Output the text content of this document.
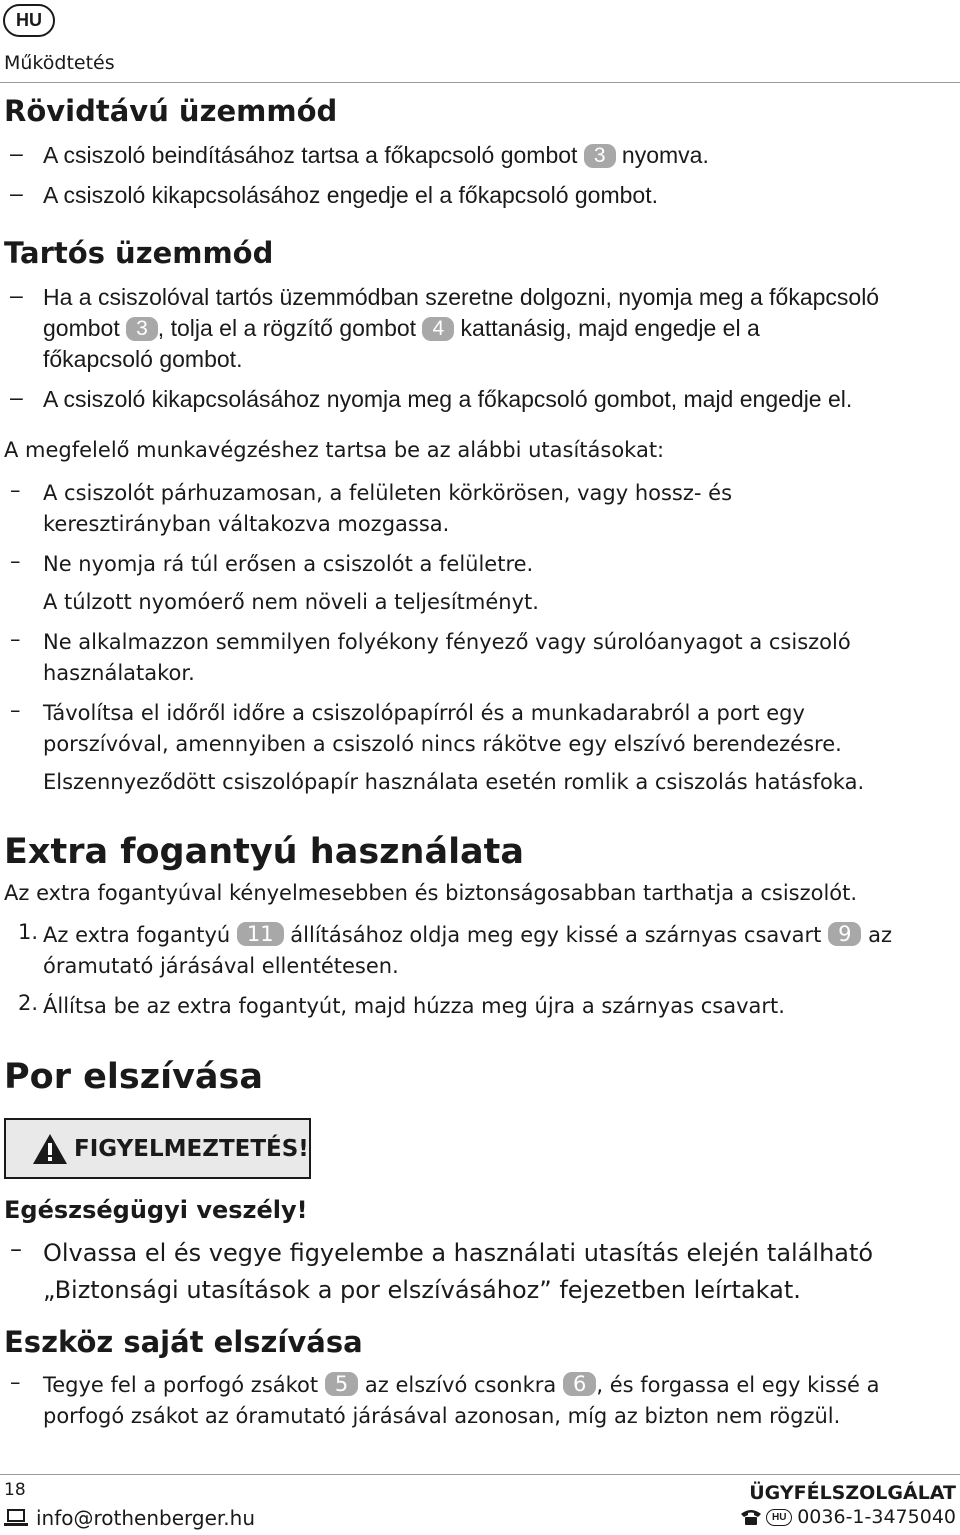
HU
Működtetés
Rövidtávú üzemmód
– A csiszoló beindításához tartsa a főkapcsoló gombot 3 nyomva.
– A csiszoló kikapcsolásához engedje el a főkapcsoló gombot.
Tartós üzemmód
– Ha a csiszolóval tartós üzemmódban szeretne dolgozni, nyomja meg a főkapcsoló
gombot 3 , tolja el a rögzítő gombot 4 kattanásig, majd engedje el a
főkapcsoló gombot.
– A csiszoló kikapcsolásához nyomja meg a főkapcsoló gombot, majd engedje el.
A megfelelő munkavégzéshez tartsa be az alábbi utasításokat:
– A csiszolót párhuzamosan, a felületen körkörösen, vagy hossz- és
keresztirányban váltakozva mozgassa.
– Ne nyomja rá túl erősen a csiszolót a felületre.
A túlzott nyomóerő nem növeli a teljesítményt.
– Ne alkalmazzon semmilyen folyékony fényező vagy súrolóanyagot a csiszoló
használatakor.
– Távolítsa el időről időre a csiszolópapírról és a munkadarabról a port egy
porszívóval, amennyiben a csiszoló nincs rákötve egy elszívó berendezésre.
Elszennyeződött csiszolópapír használata esetén romlik a csiszolás hatásfoka.
Extra fogantyú használata
Az extra fogantyúval kényelmesebben és biztonságosabban tarthatja a csiszolót.
1. Az extra fogantyú 11 állításához oldja meg egy kissé a szárnyas csavart 9 az
óramutató járásával ellentétesen.
2. Állítsa be az extra fogantyút, majd húzza meg újra a szárnyas csavart.
Por elszívása
FIGYELMEZTETÉS!
Egészségügyi veszély!
– Olvassa el és vegye figyelembe a használati utasítás elején található
„Biztonsági utasítások a por elszívásához” fejezetben leírtakat.
Eszköz saját elszívása
– Tegye fel a porfogó zsákot 5 az elszívó csonkra 6 , és forgassa el egy kissé a
porfogó zsákot az óramutató járásával azonosan, míg az bizton nem rögzül.
18
info@rothenberger.hu
ÜGYFÉLSZOLGÁLAT
HU 0036-1-3475040
